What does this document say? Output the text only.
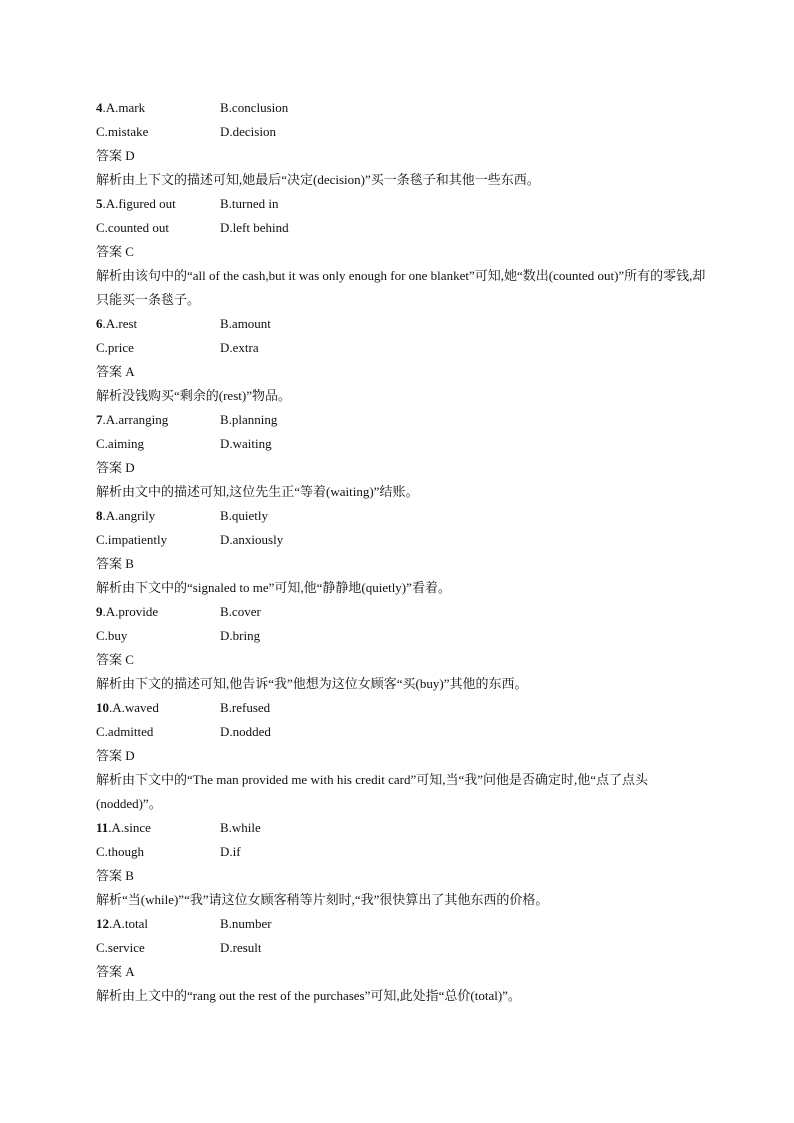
4.A.mark	B.conclusion
C.mistake	D.decision
答案 D
解析由上下文的描述可知,她最后“决定(decision)”买一条毯子和其他一些东西。
5.A.figured out	B.turned in
C.counted out	D.left behind
答案 C
解析由该句中的“all of the cash,but it was only enough for one blanket”可知,她“数出(counted out)”所有的零钱,却只能买一条毯子。
6.A.rest	B.amount
C.price	D.extra
答案 A
解析没钱购买“剩余的(rest)”物品。
7.A.arranging	B.planning
C.aiming	D.waiting
答案 D
解析由文中的描述可知,这位先生正“等着(waiting)”结账。
8.A.angrily	B.quietly
C.impatiently	D.anxiously
答案 B
解析由下文中的“signaled to me”可知,他“静静地(quietly)”看着。
9.A.provide	B.cover
C.buy	D.bring
答案 C
解析由下文的描述可知,他告诉“我”他想为这位女顾客“买(buy)”其他的东西。
10.A.waved	B.refused
C.admitted	D.nodded
答案 D
解析由下文中的“The man provided me with his credit card”可知,当“我”问他是否确定时,他“点了点头(nodded)”。
11.A.since	B.while
C.though	D.if
答案 B
解析“当(while)”“我”请这位女顾客稍等片刻时,“我”很快算出了其他东西的价格。
12.A.total	B.number
C.service	D.result
答案 A
解析由上文中的“rang out the rest of the purchases”可知,此处指“总价(total)”。
